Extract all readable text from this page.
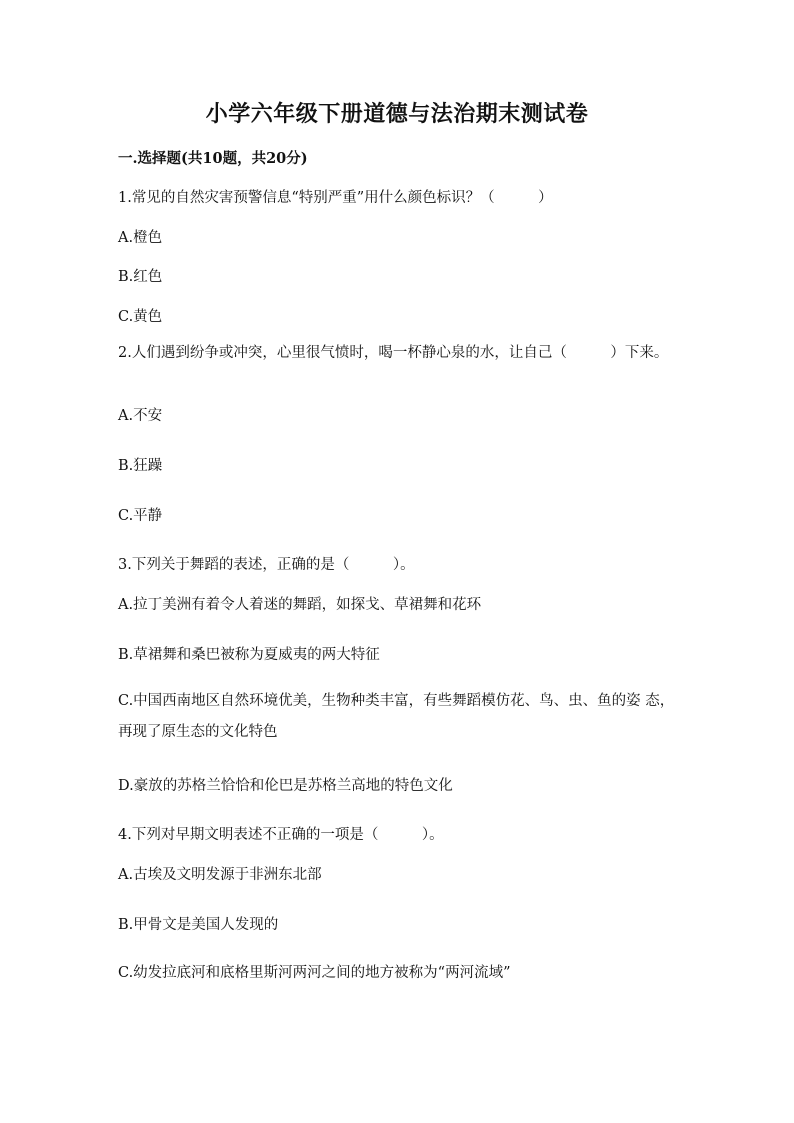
小学六年级下册道德与法治期末测试卷
一.选择题(共10题，共20分)
1.常见的自然灾害预警信息“特别严重”用什么颜色标识？（　　　）
A.橙色
B.红色
C.黄色
2.人们遇到纷争或冲突，心里很气愤时，喝一杯静心泉的水，让自己（　　　）下来。
A.不安
B.狂躁
C.平静
3.下列关于舞蹈的表述，正确的是（　　　）。
A.拉丁美洲有着令人着迷的舞蹈，如探戈、草裙舞和花环
B.草裙舞和桑巴被称为夏威夷的两大特征
C.中国西南地区自然环境优美，生物种类丰富，有些舞蹈模仿花、鸟、虫、鱼的姿 态，再现了原生态的文化特色
D.豪放的苏格兰恰恰和伦巴是苏格兰高地的特色文化
4.下列对早期文明表述不正确的一项是（　　　）。
A.古埃及文明发源于非洲东北部
B.甲骨文是美国人发现的
C.幼发拉底河和底格里斯河两河之间的地方被称为“两河流域”
